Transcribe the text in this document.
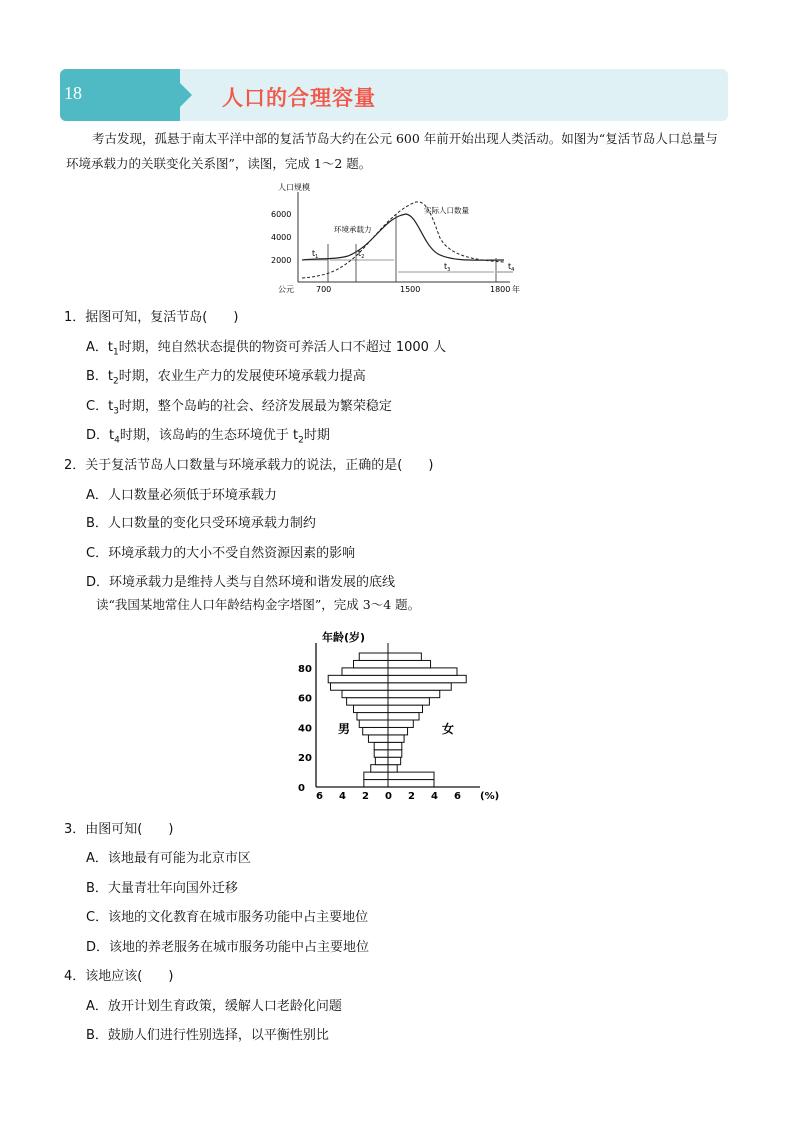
18	人口的合理容量
考古发现，孤悬于南太平洋中部的复活节岛大约在公元 600 年前开始出现人类活动。如图为“复活节岛人口总量与环境承载力的关联变化关系图”，读图，完成 1～2 题。
人口规模
6000
4000
2000
公元	700	1500	1800 年
环境承载力
实际人口数量
$t_1$	$t_2$
$t_3$	$t_4$
1．据图可知，复活节岛(　　)
A．$t_1$时期，纯自然状态提供的物资可养活人口不超过 1000 人
B．$t_2$时期，农业生产力的发展使环境承载力提高
C．$t_3$时期，整个岛屿的社会、经济发展最为繁荣稳定
D．$t_4$时期，该岛屿的生态环境优于 $t_2$时期
2．关于复活节岛人口数量与环境承载力的说法，正确的是(　　)
A．人口数量必须低于环境承载力
B．人口数量的变化只受环境承载力制约
C．环境承载力的大小不受自然资源因素的影响
D．环境承载力是维持人类与自然环境和谐发展的底线
读“我国某地常住人口年龄结构金字塔图”，完成 3～4 题。
年龄(岁)
男	女
(%)
80
60
40
20
0
6 4 2 0 2 4 6
3．由图可知(　　)
A．该地最有可能为北京市区
B．大量青壮年向国外迁移
C．该地的文化教育在城市服务功能中占主要地位
D．该地的养老服务在城市服务功能中占主要地位
4．该地应该(　　)
A．放开计划生育政策，缓解人口老龄化问题
B．鼓励人们进行性别选择，以平衡性别比
